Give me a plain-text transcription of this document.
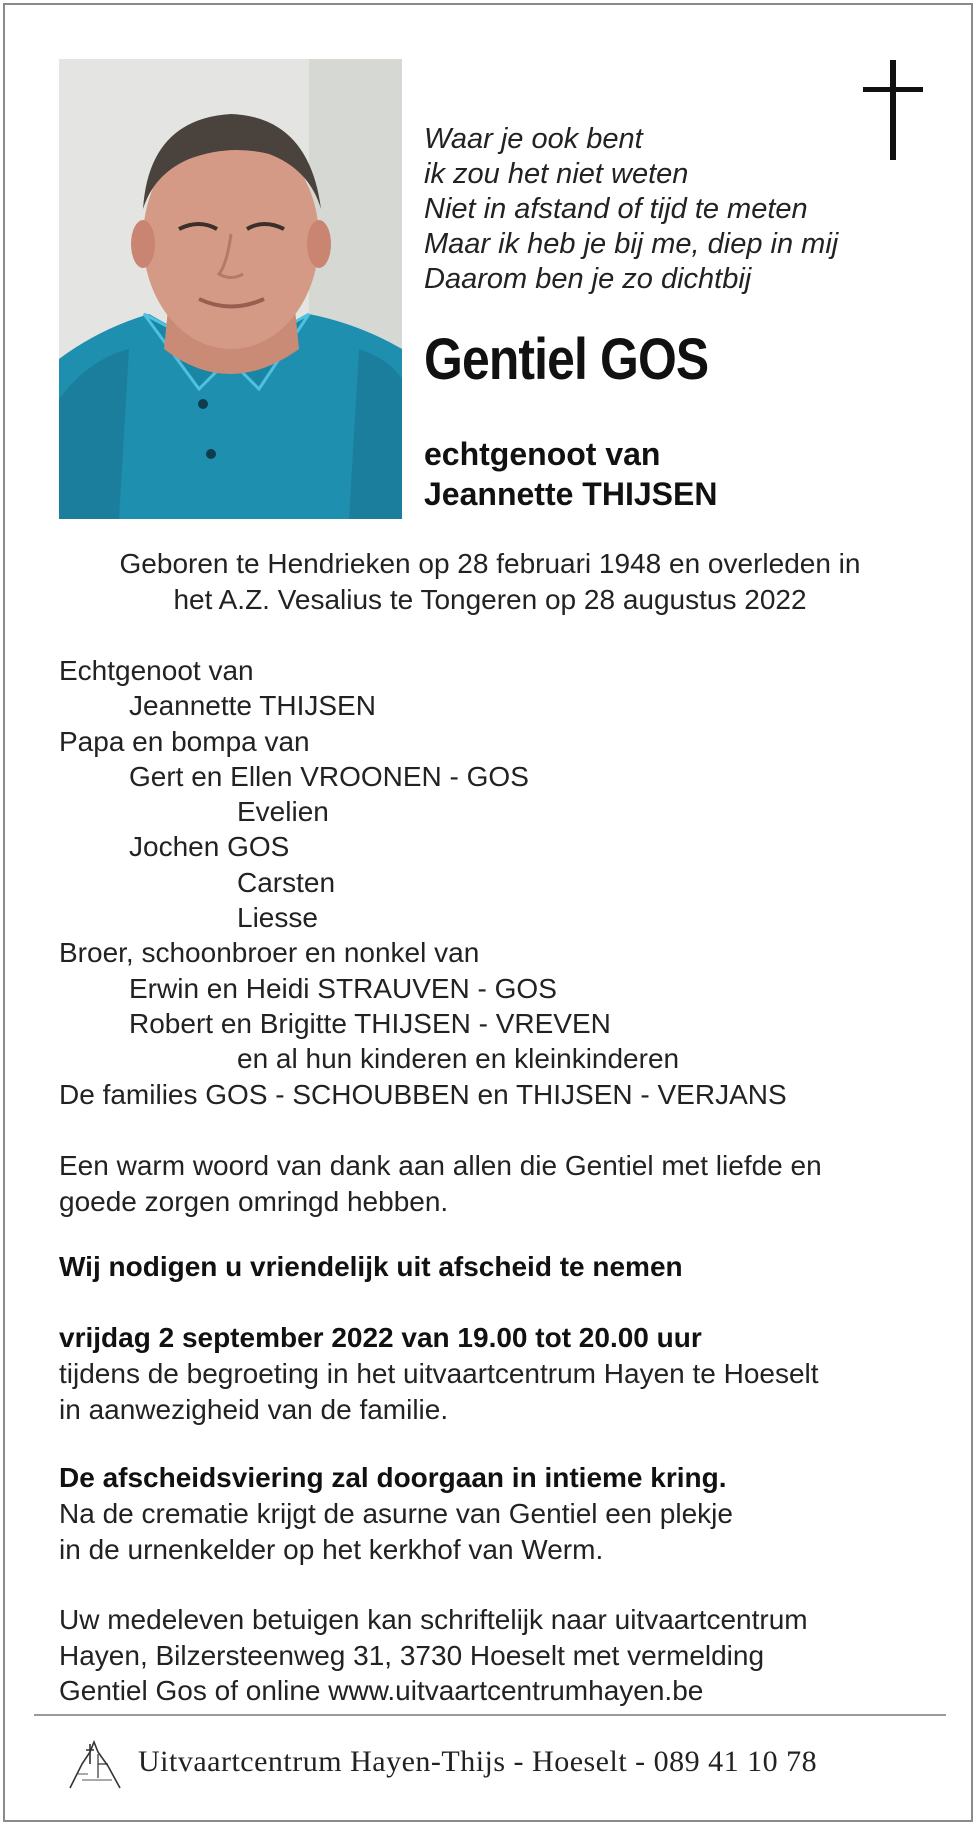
Waar je ook bent
ik zou het niet weten
Niet in afstand of tijd te meten
Maar ik heb je bij me, diep in mij
Daarom ben je zo dichtbij
Gentiel GOS
echtgenoot van
Jeannette THIJSEN
Geboren te Hendrieken op 28 februari 1948 en overleden in
het A.Z. Vesalius te Tongeren op 28 augustus 2022
Echtgenoot van
Jeannette THIJSEN
Papa en bompa van
Gert en Ellen VROONEN - GOS
Evelien
Jochen GOS
Carsten
Liesse
Broer, schoonbroer en nonkel van
Erwin en Heidi STRAUVEN - GOS
Robert en Brigitte THIJSEN - VREVEN
en al hun kinderen en kleinkinderen
De families GOS - SCHOUBBEN en THIJSEN - VERJANS
Een warm woord van dank aan allen die Gentiel met liefde en
goede zorgen omringd hebben.
Wij nodigen u vriendelijk uit afscheid te nemen
vrijdag 2 september 2022 van 19.00 tot 20.00 uur
tijdens de begroeting in het uitvaartcentrum Hayen te Hoeselt
in aanwezigheid van de familie.
De afscheidsviering zal doorgaan in intieme kring.
Na de crematie krijgt de asurne van Gentiel een plekje
in de urnenkelder op het kerkhof van Werm.
Uw medeleven betuigen kan schriftelijk naar uitvaartcentrum
Hayen, Bilzersteenweg 31, 3730 Hoeselt met vermelding
Gentiel Gos of online www.uitvaartcentrumhayen.be
Uitvaartcentrum Hayen-Thijs - Hoeselt - 089 41 10 78
